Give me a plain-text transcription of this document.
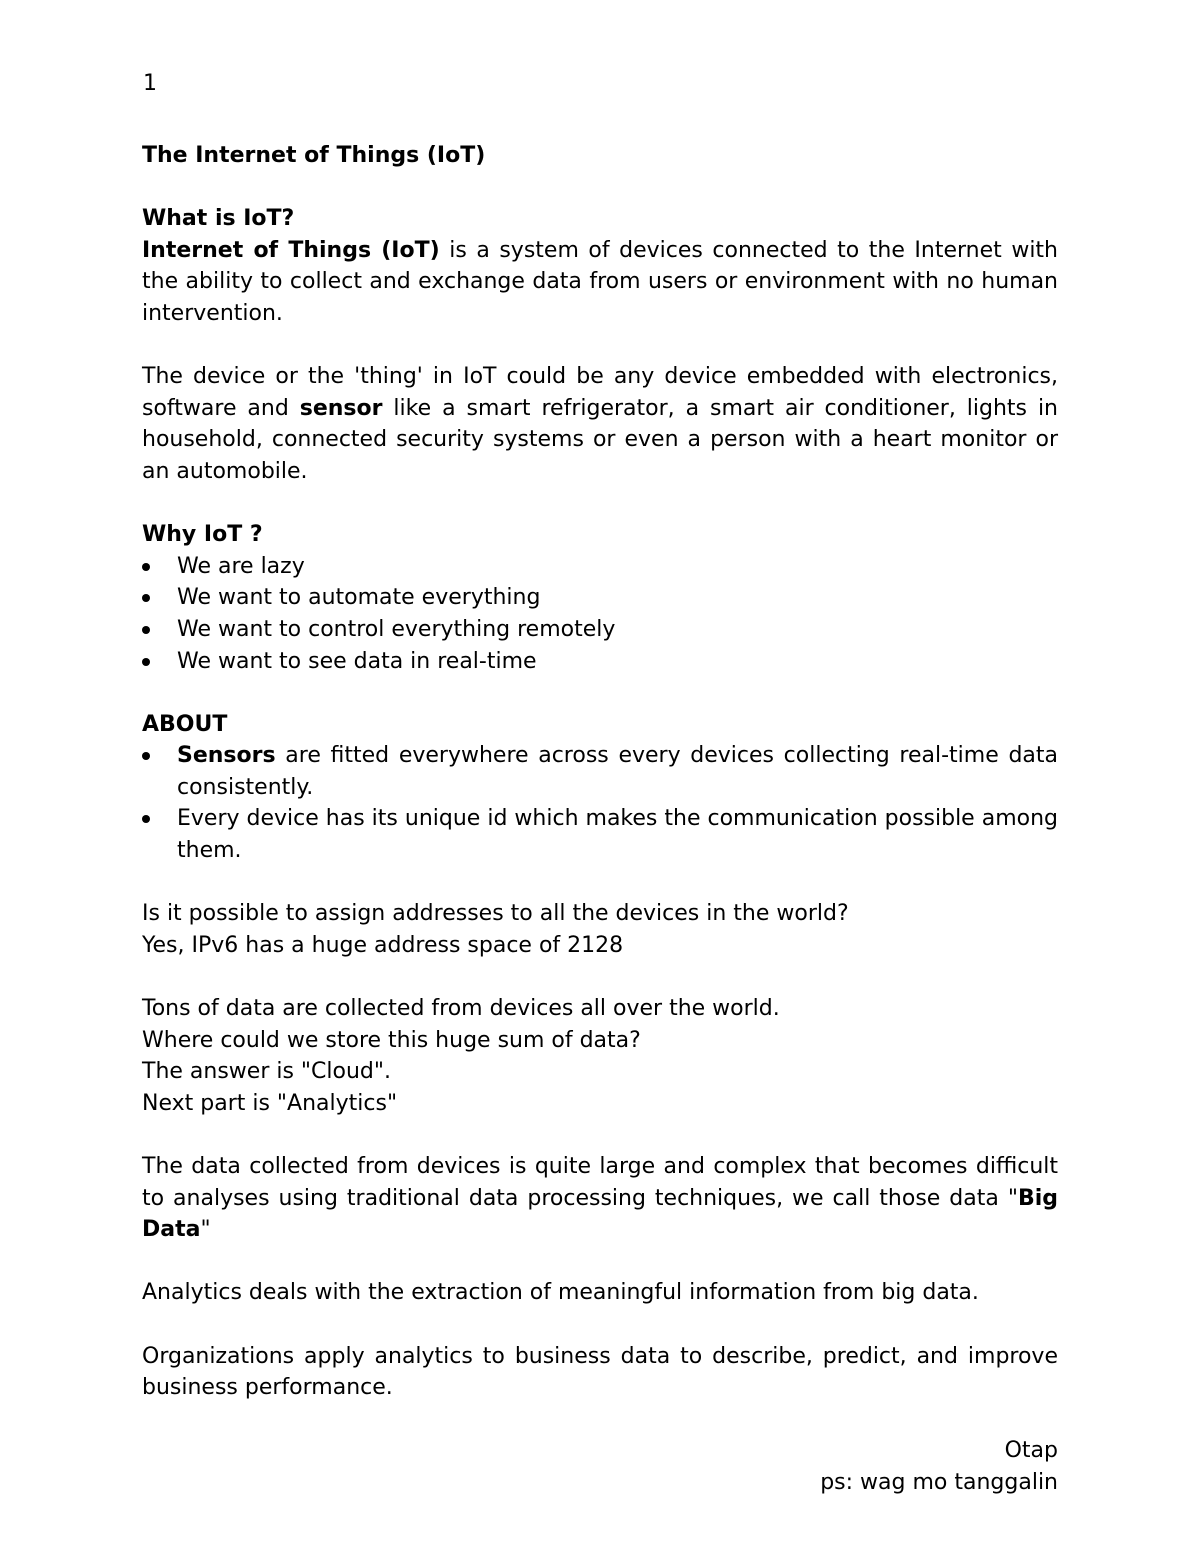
1

The Internet of Things (IoT)

What is IoT?

Internet of Things (IoT) is a system of devices connected to the Internet with the ability to collect and exchange data from users or environment with no human intervention.

The device or the 'thing' in IoT could be any device embedded with electronics, software and sensor like a smart refrigerator, a smart air conditioner, lights in household, connected security systems or even a person with a heart monitor or an automobile.

Why IoT ?

We are lazy
We want to automate everything
We want to control everything remotely
We want to see data in real-time

ABOUT

Sensors are fitted everywhere across every devices collecting real-time data consistently.
Every device has its unique id which makes the communication possible among them.

Is it possible to assign addresses to all the devices in the world?

Yes, IPv6 has a huge address space of 2128

Tons of data are collected from devices all over the world.

Where could we store this huge sum of data?

The answer is "Cloud".

Next part is "Analytics"

The data collected from devices is quite large and complex that becomes difficult to analyses using traditional data processing techniques, we call those data "Big Data"

Analytics deals with the extraction of meaningful information from big data.

Organizations apply analytics to business data to describe, predict, and improve business performance.

Otap

ps: wag mo tanggalin
